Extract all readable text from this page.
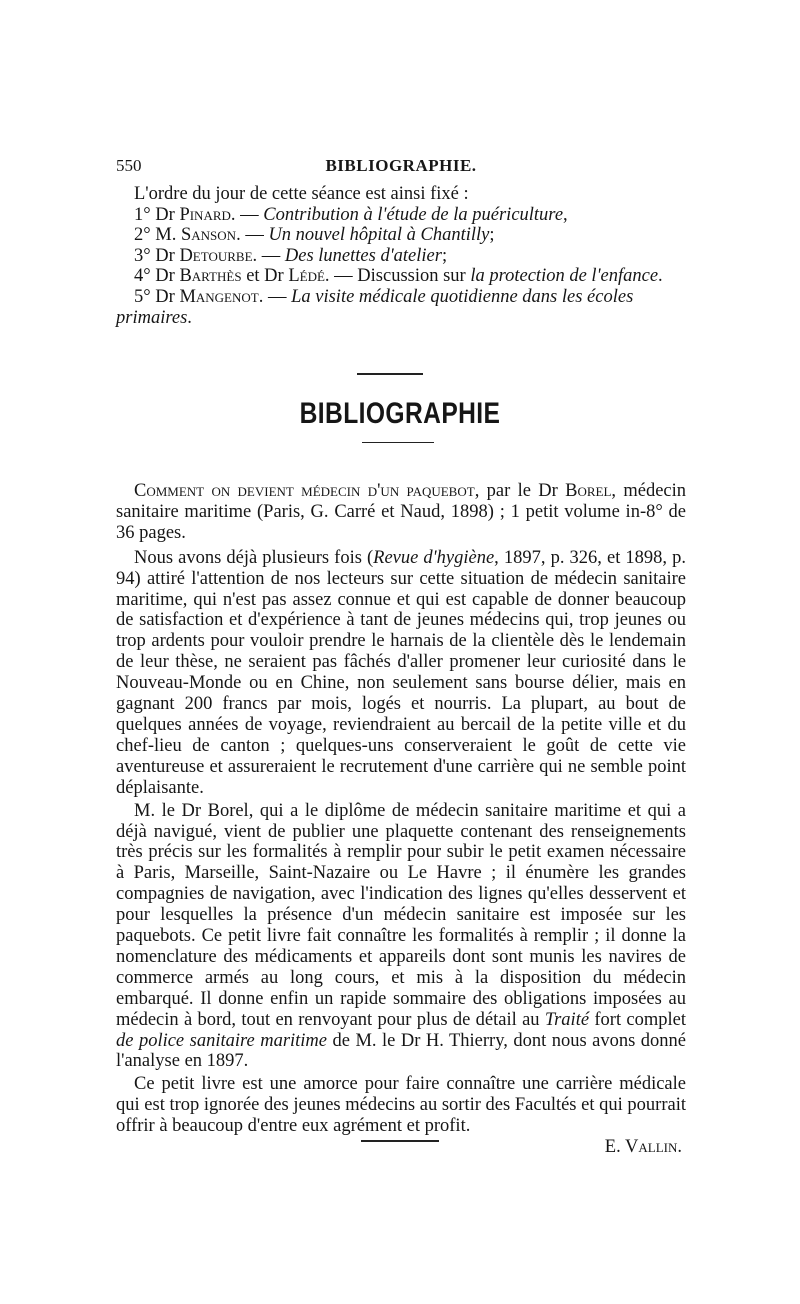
550	BIBLIOGRAPHIE.

L'ordre du jour de cette séance est ainsi fixé :

1° Dr Pinard. — Contribution à l'étude de la puériculture,

2° M. Sanson. — Un nouvel hôpital à Chantilly;

3° Dr Detourbe. — Des lunettes d'atelier;

4° Dr Barthès et Dr Lédé. — Discussion sur la protection de l'enfance.

5° Dr Mangenot. — La visite médicale quotidienne dans les écoles primaires.

BIBLIOGRAPHIE

Comment on devient médecin d'un paquebot, par le Dr Borel, médecin sanitaire maritime (Paris, G. Carré et Naud, 1898) ; 1 petit volume in-8° de 36 pages.

Nous avons déjà plusieurs fois (Revue d'hygiène, 1897, p. 326, et 1898, p. 94) attiré l'attention de nos lecteurs sur cette situation de médecin sanitaire maritime, qui n'est pas assez connue et qui est capable de donner beaucoup de satisfaction et d'expérience à tant de jeunes médecins qui, trop jeunes ou trop ardents pour vouloir prendre le harnais de la clientèle dès le lendemain de leur thèse, ne seraient pas fâchés d'aller promener leur curiosité dans le Nouveau-Monde ou en Chine, non seulement sans bourse délier, mais en gagnant 200 francs par mois, logés et nourris. La plupart, au bout de quelques années de voyage, reviendraient au bercail de la petite ville et du chef-lieu de canton ; quelques-uns conserveraient le goût de cette vie aventureuse et assureraient le recrutement d'une carrière qui ne semble point déplaisante.

M. le Dr Borel, qui a le diplôme de médecin sanitaire maritime et qui a déjà navigué, vient de publier une plaquette contenant des renseignements très précis sur les formalités à remplir pour subir le petit examen nécessaire à Paris, Marseille, Saint-Nazaire ou Le Havre ; il énumère les grandes compagnies de navigation, avec l'indication des lignes qu'elles desservent et pour lesquelles la présence d'un médecin sanitaire est imposée sur les paquebots. Ce petit livre fait connaître les formalités à remplir ; il donne la nomenclature des médicaments et appareils dont sont munis les navires de commerce armés au long cours, et mis à la disposition du médecin embarqué. Il donne enfin un rapide sommaire des obligations imposées au médecin à bord, tout en renvoyant pour plus de détail au Traité fort complet de police sanitaire maritime de M. le Dr H. Thierry, dont nous avons donné l'analyse en 1897.

Ce petit livre est une amorce pour faire connaître une carrière médicale qui est trop ignorée des jeunes médecins au sortir des Facultés et qui pourrait offrir à beaucoup d'entre eux agrément et profit.

E. Vallin.
